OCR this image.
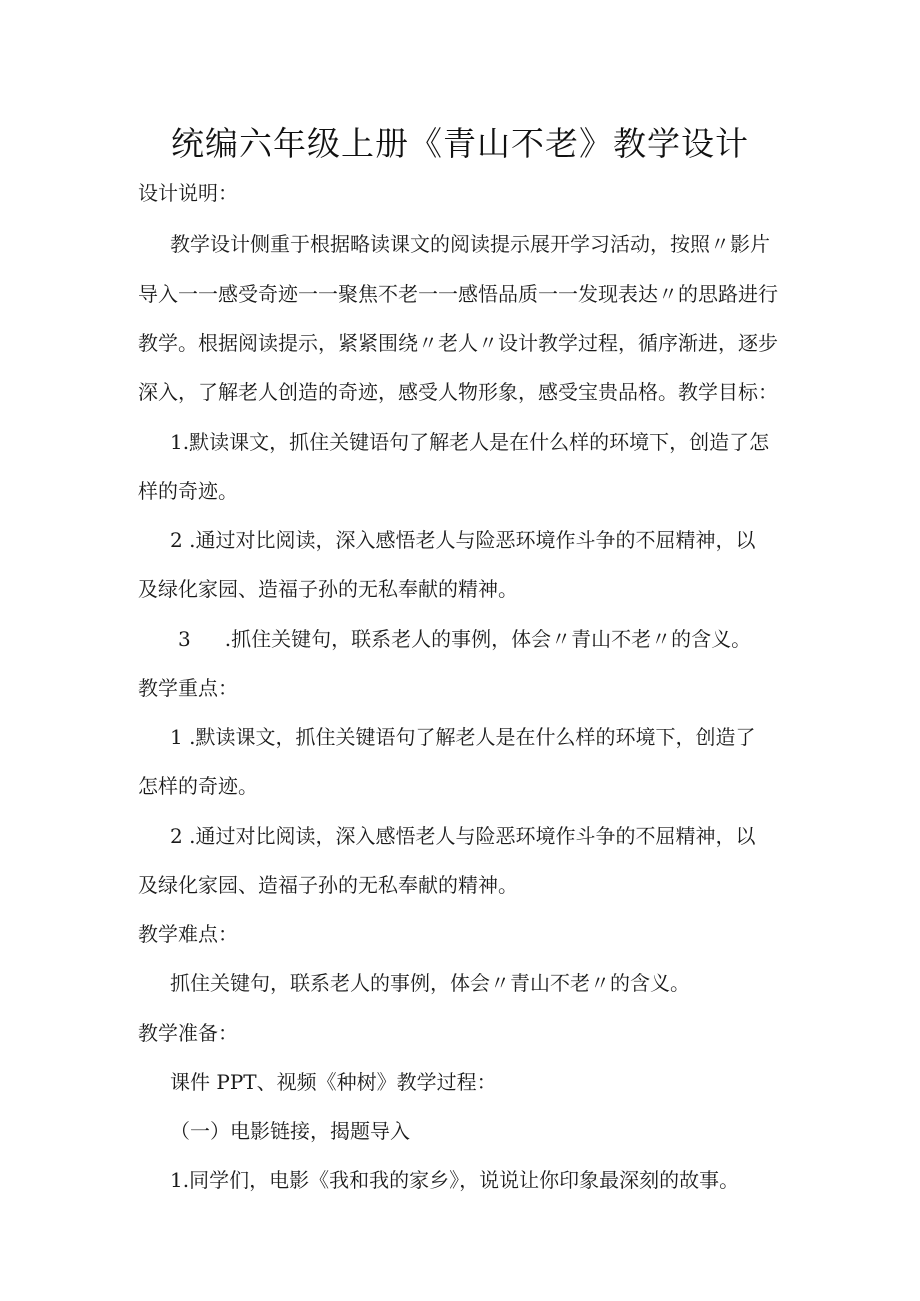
统编六年级上册《青山不老》教学设计
设计说明：
教学设计侧重于根据略读课文的阅读提示展开学习活动，按照〃影片
导入一一感受奇迹一一聚焦不老一一感悟品质一一发现表达〃的思路进行
教学。根据阅读提示，紧紧围绕〃老人〃设计教学过程，循序渐进，逐步
深入，了解老人创造的奇迹，感受人物形象，感受宝贵品格。教学目标：
1.默读课文，抓住关键语句了解老人是在什么样的环境下，创造了怎
样的奇迹。
2 .通过对比阅读，深入感悟老人与险恶环境作斗争的不屈精神，以
及绿化家园、造福子孙的无私奉献的精神。
3 .抓住关键句，联系老人的事例，体会〃青山不老〃的含义。
教学重点：
1 .默读课文，抓住关键语句了解老人是在什么样的环境下，创造了
怎样的奇迹。
2 .通过对比阅读，深入感悟老人与险恶环境作斗争的不屈精神，以
及绿化家园、造福子孙的无私奉献的精神。
教学难点：
抓住关键句，联系老人的事例，体会〃青山不老〃的含义。
教学准备：
课件 PPT、视频《种树》教学过程：
（一）电影链接，揭题导入
1.同学们，电影《我和我的家乡》，说说让你印象最深刻的故事。
